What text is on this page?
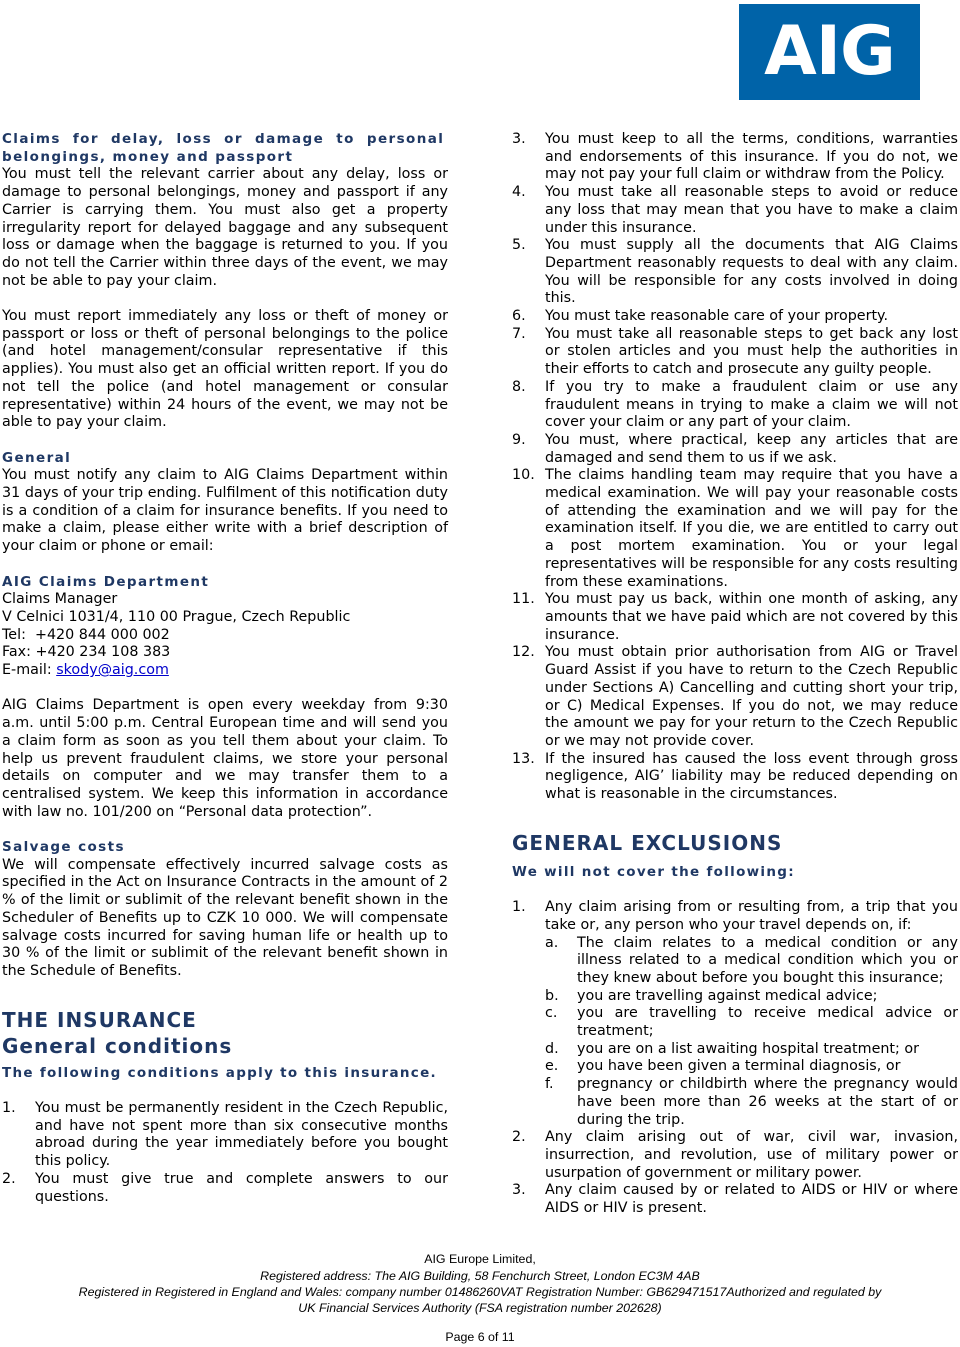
AIG
Claims for delay, loss or damage to personal
belongings, money and passport

You must tell the relevant carrier about any delay, loss or damage to personal belongings, money and passport if any Carrier is carrying them. You must also get a property irregularity report for delayed baggage and any subsequent loss or damage when the baggage is returned to you. If you do not tell the Carrier within three days of the event, we may not be able to pay your claim.

You must report immediately any loss or theft of money or passport or loss or theft of personal belongings to the police (and hotel management/consular representative if this applies). You must also get an official written report. If you do not tell the police (and hotel management or consular representative) within 24 hours of the event, we may not be able to pay your claim.

General

You must notify any claim to AIG Claims Department within 31 days of your trip ending. Fulfilment of this notification duty is a condition of a claim for insurance benefits. If you need to make a claim, please either write with a brief description of your claim or phone or email:

AIG Claims Department
Claims Manager
V Celnici 1031/4, 110 00 Prague, Czech Republic
Tel:  +420 844 000 002
Fax: +420 234 108 383
E-mail: skody@aig.com

AIG Claims Department is open every weekday from 9:30 a.m. until 5:00 p.m. Central European time and will send you a claim form as soon as you tell them about your claim. To help us prevent fraudulent claims, we store your personal details on computer and we may transfer them to a centralised system. We keep this information in accordance with law no. 101/200 on “Personal data protection”.

Salvage costs

We will compensate effectively incurred salvage costs as specified in the Act on Insurance Contracts in the amount of 2 % of the limit or sublimit of the relevant benefit shown in the Scheduler of Benefits up to CZK 10 000. We will compensate salvage costs incurred for saving human life or health up to 30 % of the limit or sublimit of the relevant benefit shown in the Schedule of Benefits.

THE INSURANCE
General conditions
The following conditions apply to this insurance.
1.	You must be permanently resident in the Czech Republic, and have not spent more than six consecutive months abroad during the year immediately before you bought this policy.
2.	You must give true and complete answers to our questions.
3.	You must keep to all the terms, conditions, warranties and endorsements of this insurance. If you do not, we may not pay your full claim or withdraw from the Policy.
4.	You must take all reasonable steps to avoid or reduce any loss that may mean that you have to make a claim under this insurance.
5.	You must supply all the documents that AIG Claims Department reasonably requests to deal with any claim. You will be responsible for any costs involved in doing this.
6.	You must take reasonable care of your property.
7.	You must take all reasonable steps to get back any lost or stolen articles and you must help the authorities in their efforts to catch and prosecute any guilty people.
8.	If you try to make a fraudulent claim or use any fraudulent means in trying to make a claim we will not cover your claim or any part of your claim.
9.	You must, where practical, keep any articles that are damaged and send them to us if we ask.
10. The claims handling team may require that you have a medical examination. We will pay your reasonable costs of attending the examination and we will pay for the examination itself. If you die, we are entitled to carry out a post mortem examination. You or your legal representatives will be responsible for any costs resulting from these examinations.
11. You must pay us back, within one month of asking, any amounts that we have paid which are not covered by this insurance.
12. You must obtain prior authorisation from AIG or Travel Guard Assist if you have to return to the Czech Republic under Sections A) Cancelling and cutting short your trip, or C) Medical Expenses. If you do not, we may reduce the amount we pay for your return to the Czech Republic or we may not provide cover.
13. If the insured has caused the loss event through gross negligence, AIG’ liability may be reduced depending on what is reasonable in the circumstances.
GENERAL EXCLUSIONS
We will not cover the following:
1.	Any claim arising from or resulting from, a trip that you take or, any person who your travel depends on, if:
a.	The claim relates to a medical condition or any illness related to a medical condition which you or they knew about before you bought this insurance;
b.	you are travelling against medical advice;
c.	you are travelling to receive medical advice or treatment;
d.	you are on a list awaiting hospital treatment; or
e.	you have been given a terminal diagnosis, or
f.	pregnancy or childbirth where the pregnancy would have been more than 26 weeks at the start of or during the trip.
2.	Any claim arising out of war, civil war, invasion, insurrection, and revolution, use of military power or usurpation of government or military power.
3.	Any claim caused by or related to AIDS or HIV or where AIDS or HIV is present.
AIG Europe Limited,
Registered address: The AIG Building, 58 Fenchurch Street, London EC3M 4AB
Registered in Registered in England and Wales: company number 01486260VAT Registration Number: GB629471517Authorized and regulated by
UK Financial Services Authority (FSA registration number 202628)
Page 6 of 11
